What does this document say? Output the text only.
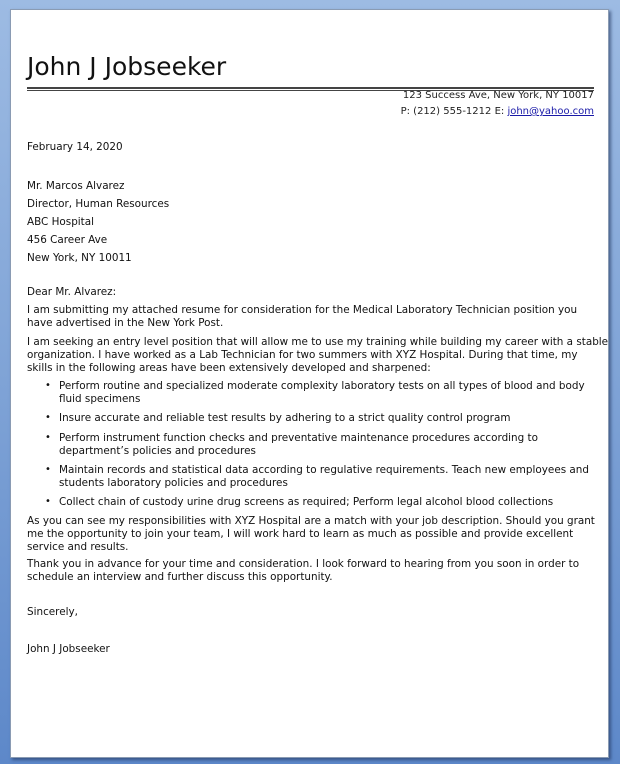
John J Jobseeker
123 Success Ave, New York, NY 10017
P: (212) 555-1212 E: john@yahoo.com
February 14, 2020
Mr. Marcos Alvarez
Director, Human Resources
ABC Hospital
456 Career Ave
New York, NY 10011
Dear Mr. Alvarez:
I am submitting my attached resume for consideration for the Medical Laboratory Technician position you
have advertised in the New York Post.
I am seeking an entry level position that will allow me to use my training while building my career with a stable
organization. I have worked as a Lab Technician for two summers with XYZ Hospital. During that time, my
skills in the following areas have been extensively developed and sharpened:
• Perform routine and specialized moderate complexity laboratory tests on all types of blood and body
fluid specimens
• Insure accurate and reliable test results by adhering to a strict quality control program
• Perform instrument function checks and preventative maintenance procedures according to
department’s policies and procedures
• Maintain records and statistical data according to regulative requirements. Teach new employees and
students laboratory policies and procedures
• Collect chain of custody urine drug screens as required; Perform legal alcohol blood collections
As you can see my responsibilities with XYZ Hospital are a match with your job description. Should you grant
me the opportunity to join your team, I will work hard to learn as much as possible and provide excellent
service and results.
Thank you in advance for your time and consideration. I look forward to hearing from you soon in order to
schedule an interview and further discuss this opportunity.
Sincerely,
John J Jobseeker
